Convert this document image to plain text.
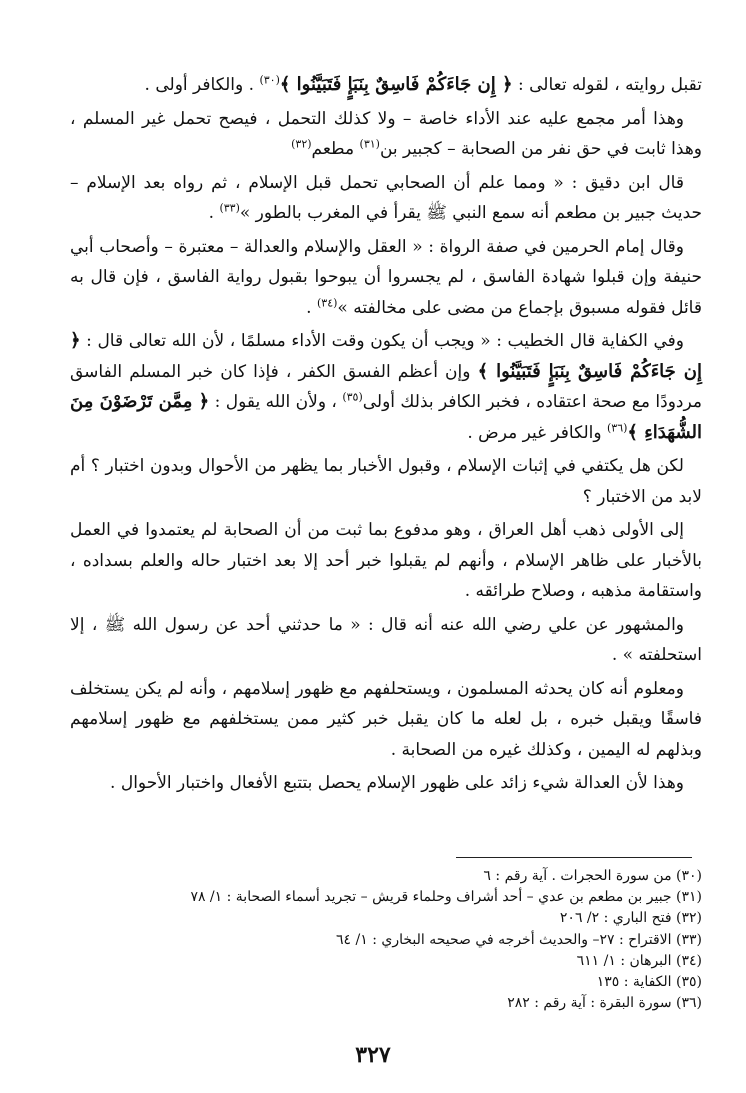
تقبل روايته ، لقوله تعالى : ﴿ إِن جَاءَكُمْ فَاسِقٌ بِنَبَإٍ فَتَبَيَّنُوا ﴾$^{(٣٠)}$ . والكافر أولى .

وهذا أمر مجمع عليه عند الأداء خاصة – ولا كذلك التحمل ، فيصح تحمل غير المسلم ، وهذا ثابت في حق نفر من الصحابة – كجبير بن$^{(٣١)}$ مطعم$^{(٣٢)}$

قال ابن دقيق : « ومما علم أن الصحابي تحمل قبل الإسلام ، ثم رواه بعد الإسلام – حديث جبير بن مطعم أنه سمع النبي ﷺ يقرأ في المغرب بالطور »$^{(٣٣)}$ .

وقال إمام الحرمين في صفة الرواة : « العقل والإسلام والعدالة – معتبرة – وأصحاب أبي حنيفة وإن قبلوا شهادة الفاسق ، لم يجسروا أن يبوحوا بقبول رواية الفاسق ، فإن قال به قائل فقوله مسبوق بإجماع من مضى على مخالفته »$^{(٣٤)}$ .

وفي الكفاية قال الخطيب : « ويجب أن يكون وقت الأداء مسلمًا ، لأن الله تعالى قال : ﴿ إِن جَاءَكُمْ فَاسِقٌ بِنَبَإٍ فَتَبَيَّنُوا ﴾ وإن أعظم الفسق الكفر ، فإذا كان خبر المسلم الفاسق مردودًا مع صحة اعتقاده ، فخبر الكافر بذلك أولى$^{(٣٥)}$ ، ولأن الله يقول : ﴿ مِمَّن تَرْضَوْنَ مِنَ الشُّهَدَاءِ ﴾$^{(٣٦)}$ والكافر غير مرض .

لكن هل يكتفي في إثبات الإسلام ، وقبول الأخبار بما يظهر من الأحوال وبدون اختبار ؟ أم لابد من الاختبار ؟

إلى الأولى ذهب أهل العراق ، وهو مدفوع بما ثبت من أن الصحابة لم يعتمدوا في العمل بالأخبار على ظاهر الإسلام ، وأنهم لم يقبلوا خبر أحد إلا بعد اختبار حاله والعلم بسداده ، واستقامة مذهبه ، وصلاح طرائقه .

والمشهور عن علي رضي الله عنه أنه قال : « ما حدثني أحد عن رسول الله ﷺ ، إلا استحلفته » .

ومعلوم أنه كان يحدثه المسلمون ، ويستحلفهم مع ظهور إسلامهم ، وأنه لم يكن يستخلف فاسقًا ويقبل خبره ، بل لعله ما كان يقبل خبر كثير ممن يستخلفهم مع ظهور إسلامهم وبذلهم له اليمين ، وكذلك غيره من الصحابة .

وهذا لأن العدالة شيء زائد على ظهور الإسلام يحصل بتتبع الأفعال واختبار الأحوال .

(٣٠) من سورة الحجرات . آية رقم : ٦
(٣١) جبير بن مطعم بن عدي – أحد أشراف وحلماء قريش – تجريد أسماء الصحابة : ١/ ٧٨
(٣٢) فتح الباري : ٢/ ٢٠٦
(٣٣) الاقتراح : ٢٧– والحديث أخرجه في صحيحه البخاري : ١/ ٦٤
(٣٤) البرهان : ١/ ٦١١
(٣٥) الكفاية : ١٣٥
(٣٦) سورة البقرة : آية رقم : ٢٨٢
٣٢٧
